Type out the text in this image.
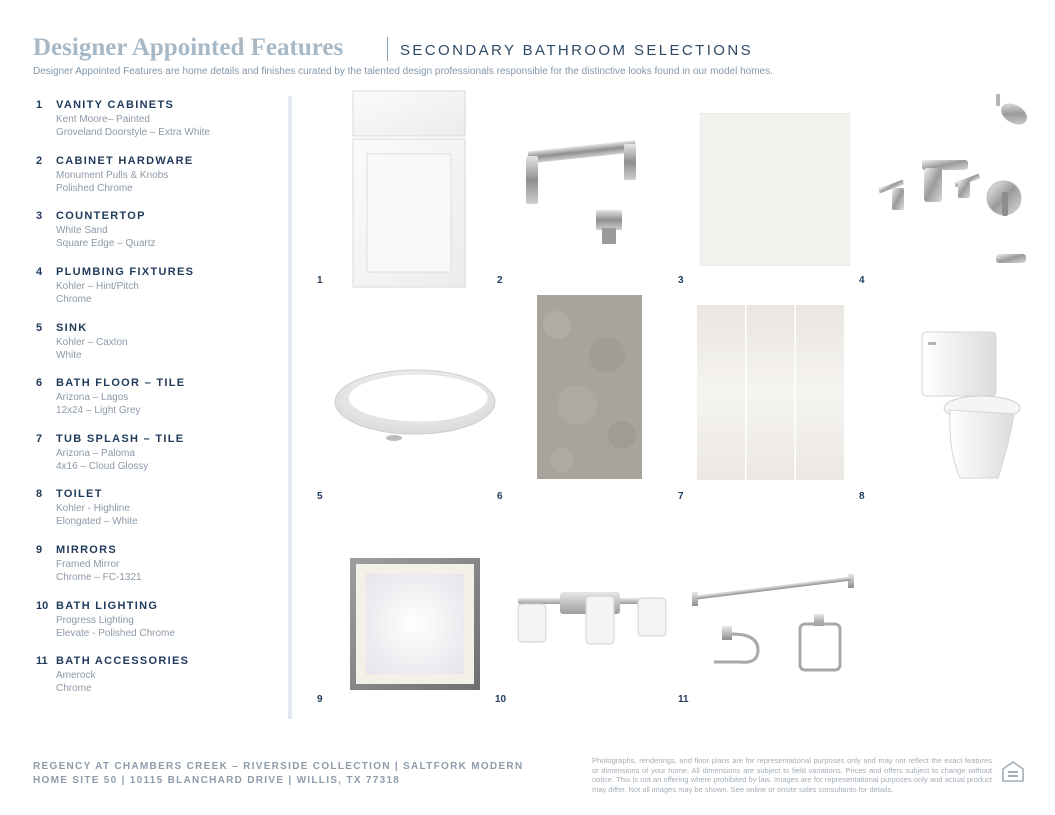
Designer Appointed Features	SECONDARY BATHROOM SELECTIONS
Designer Appointed Features are home details and finishes curated by the talented design professionals responsible for the distinctive looks found in our model homes.
1 VANITY CABINETS
Kent Moore– Painted
Groveland Doorstyle – Extra White
2 CABINET HARDWARE
Monument Pulls & Knobs
Polished Chrome
3 COUNTERTOP
White Sand
Square Edge – Quartz
4 PLUMBING FIXTURES
Kohler – Hint/Pitch
Chrome
5 SINK
Kohler – Caxton
White
6 BATH FLOOR – TILE
Arizona – Lagos
12x24 – Light Grey
7 TUB SPLASH – TILE
Arizona – Paloma
4x16 – Cloud Glossy
8 TOILET
Kohler - Highline
Elongated – White
9 MIRRORS
Framed Mirror
Chrome – FC-1321
10 BATH LIGHTING
Progress Lighting
Elevate - Polished Chrome
11 BATH ACCESSORIES
Amerock
Chrome
1	2	3	4
5	6	7	8
9	10	11
REGENCY AT CHAMBERS CREEK – RIVERSIDE COLLECTION | SALTFORK MODERN
HOME SITE 50 | 10115 BLANCHARD DRIVE | WILLIS, TX 77318
Photographs, renderings, and floor plans are for representational purposes only and may not reflect the exact features or dimensions of your home. All dimensions are subject to field variations. Prices and offers subject to change without notice. This is not an offering where prohibited by law. Images are for representational purposes only and actual product may differ. Not all images may be shown. See online or onsite sales consultants for details.
